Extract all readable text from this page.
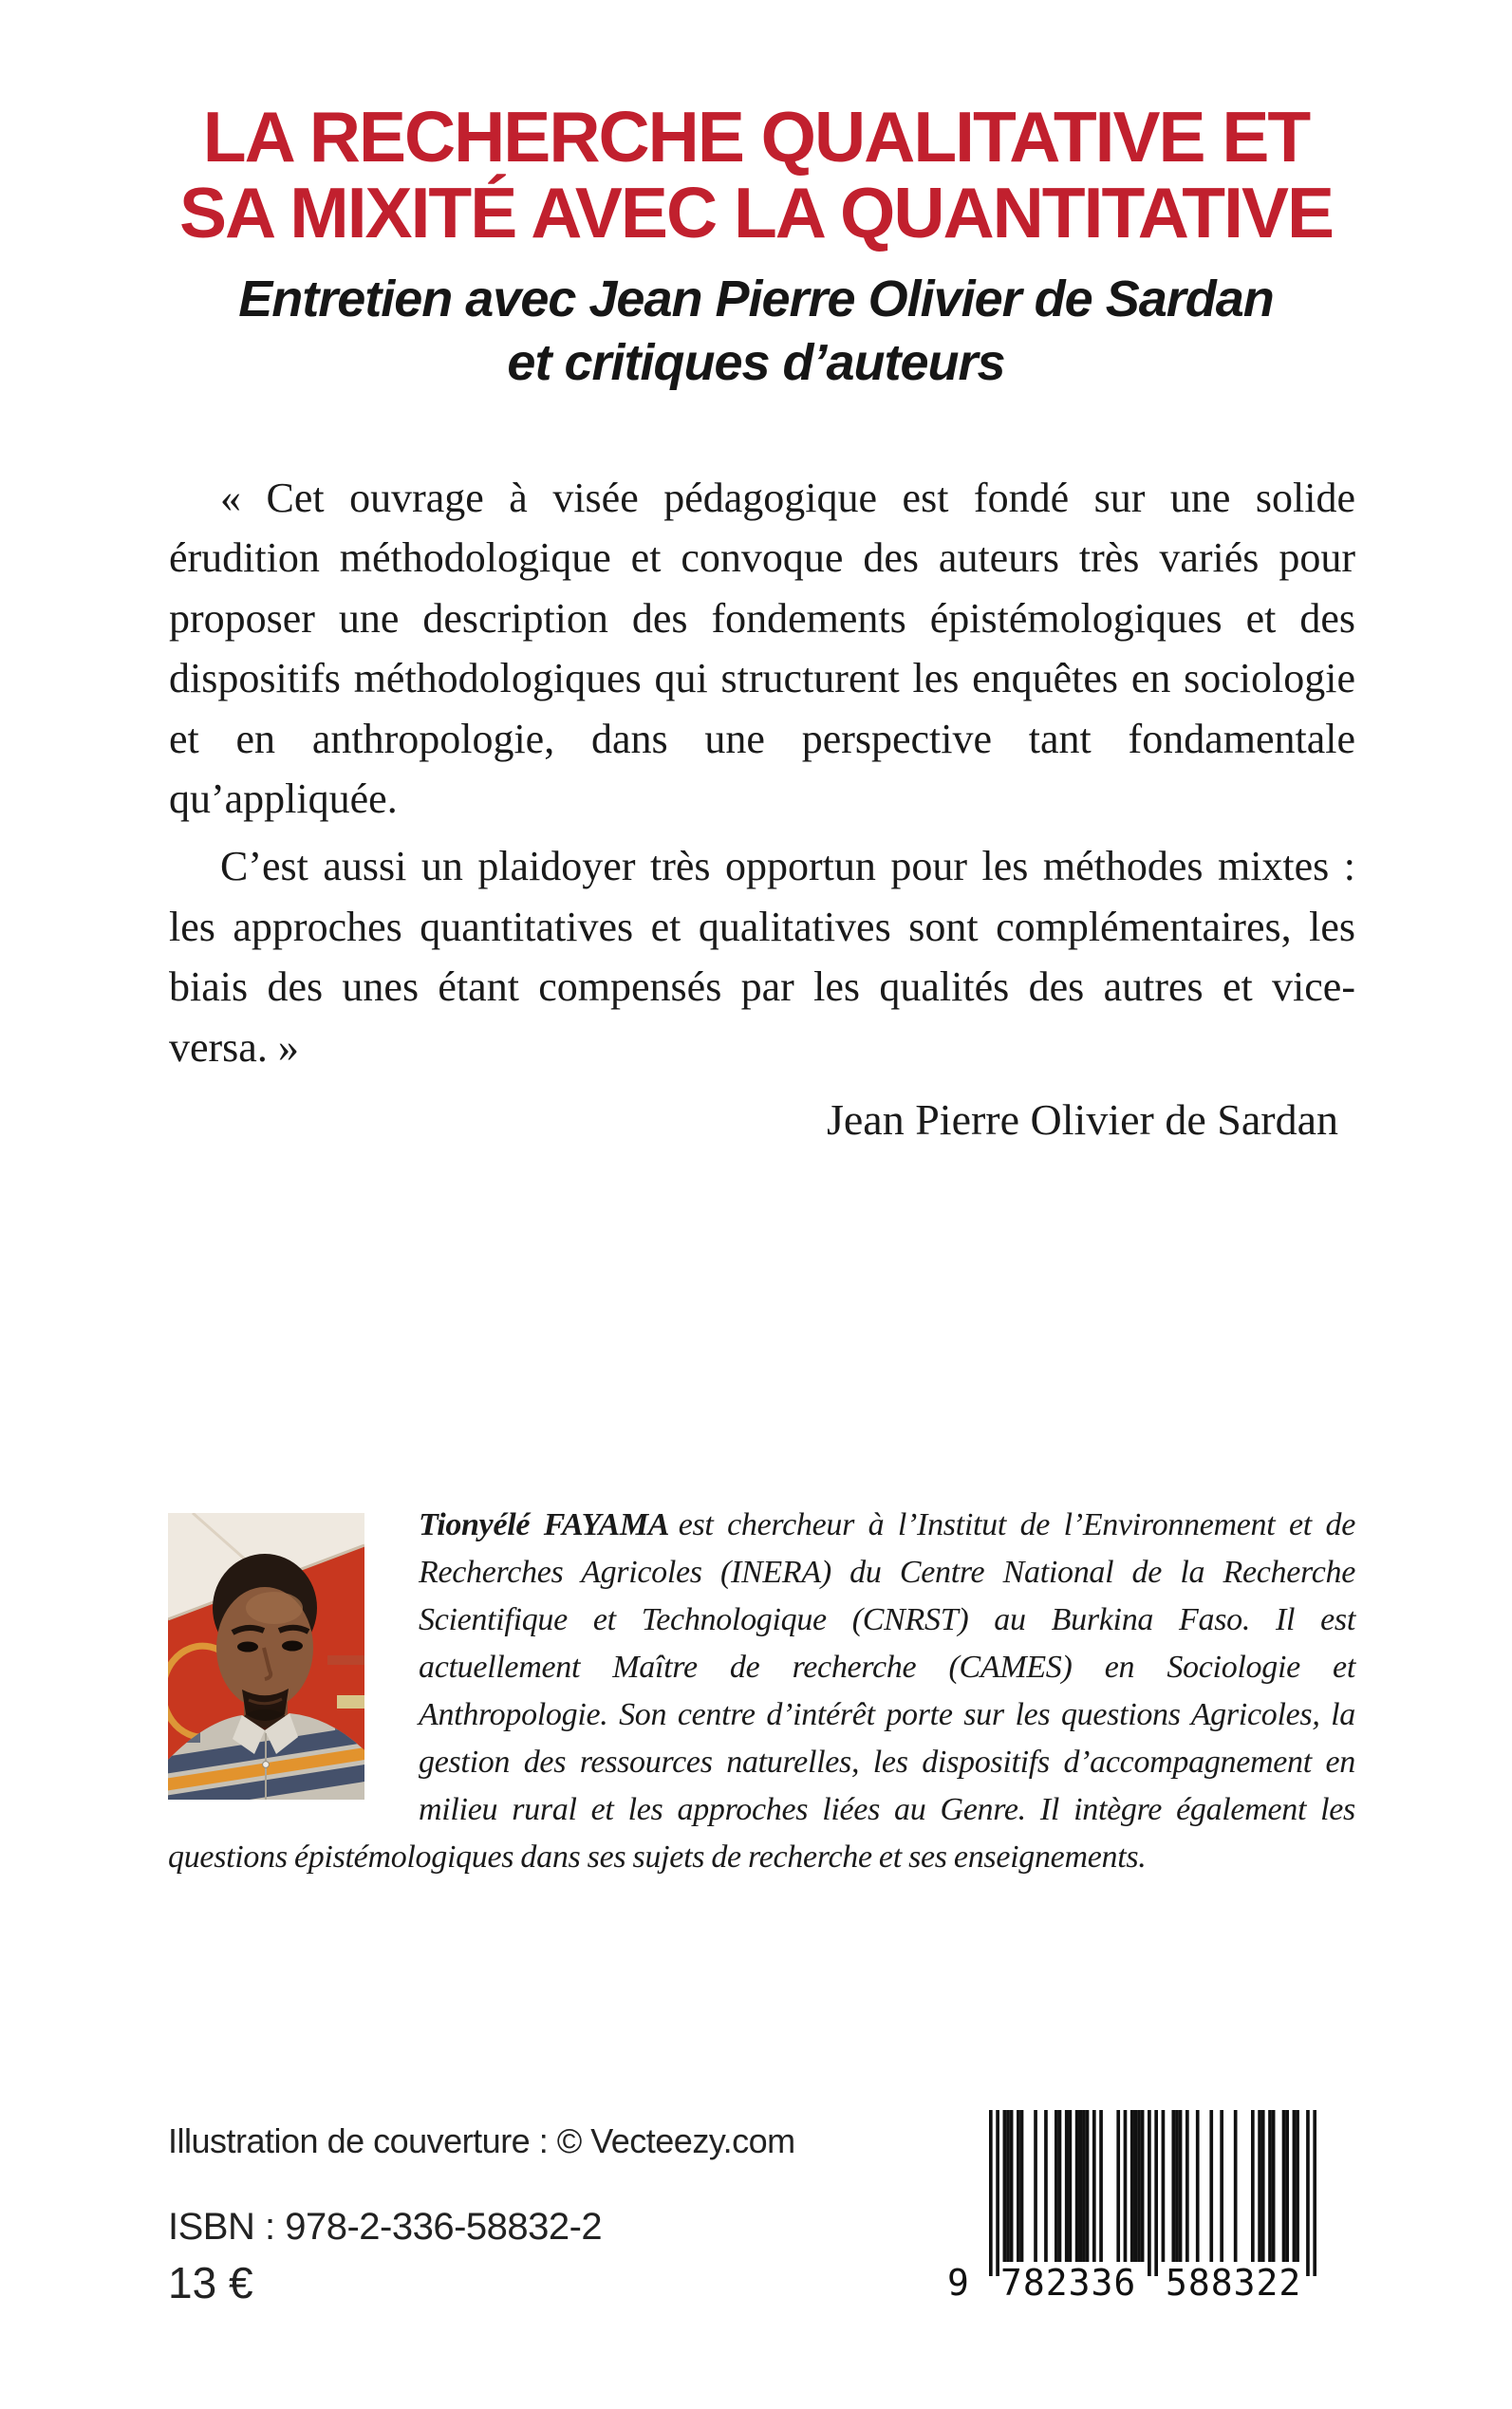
LA RECHERCHE QUALITATIVE ET
SA MIXITÉ AVEC LA QUANTITATIVE
Entretien avec Jean Pierre Olivier de Sardan
et critiques d’auteurs

« Cet ouvrage à visée pédagogique est fondé sur une solide érudition méthodologique et convoque des auteurs très variés pour proposer une description des fondements épistémologiques et des dispositifs méthodologiques qui structurent les enquêtes en sociologie et en anthropologie, dans une perspective tant fondamentale qu’appliquée.

C’est aussi un plaidoyer très opportun pour les méthodes mixtes : les approches quantitatives et qualitatives sont complémentaires, les biais des unes étant compensés par les qualités des autres et vice-versa. »

Jean Pierre Olivier de Sardan

Tionyélé FAYAMA est chercheur à l’Institut de l’Environnement et de Recherches Agricoles (INERA) du Centre National de la Recherche Scientifique et Technologique (CNRST) au Burkina Faso. Il est actuellement Maître de recherche (CAMES) en Sociologie et Anthropologie. Son centre d’intérêt porte sur les questions Agricoles, la gestion des ressources naturelles, les dispositifs d’accompagnement en milieu rural et les approches liées au Genre. Il intègre également les questions épistémologiques dans ses sujets de recherche et ses enseignements.

Illustration de couverture : © Vecteezy.com

ISBN : 978-2-336-58832-2

13 €	9 782336 588322
